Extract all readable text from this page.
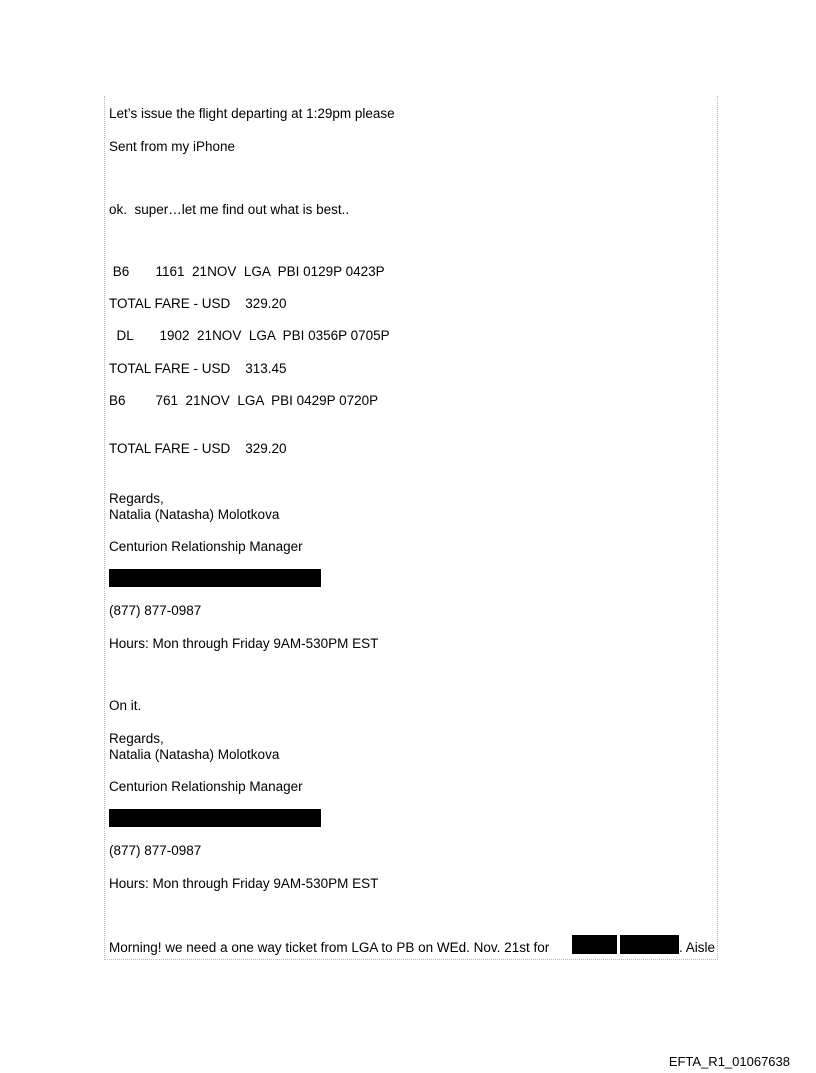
Let’s issue the flight departing at 1:29pm please
Sent from my iPhone
ok.  super…let me find out what is best..
B6       1161  21NOV  LGA  PBI 0129P 0423P
TOTAL FARE - USD    329.20
DL       1902  21NOV  LGA  PBI 0356P 0705P
TOTAL FARE - USD    313.45
B6        761  21NOV  LGA  PBI 0429P 0720P
TOTAL FARE - USD    329.20
Regards,
Natalia (Natasha) Molotkova
Centurion Relationship Manager
(877) 877-0987
Hours: Mon through Friday 9AM-530PM EST
On it.
Regards,
Natalia (Natasha) Molotkova
Centurion Relationship Manager
(877) 877-0987
Hours: Mon through Friday 9AM-530PM EST
Morning! we need a one way ticket from LGA to PB on WEd. Nov. 21st for	. Aisle
EFTA_R1_01067638
